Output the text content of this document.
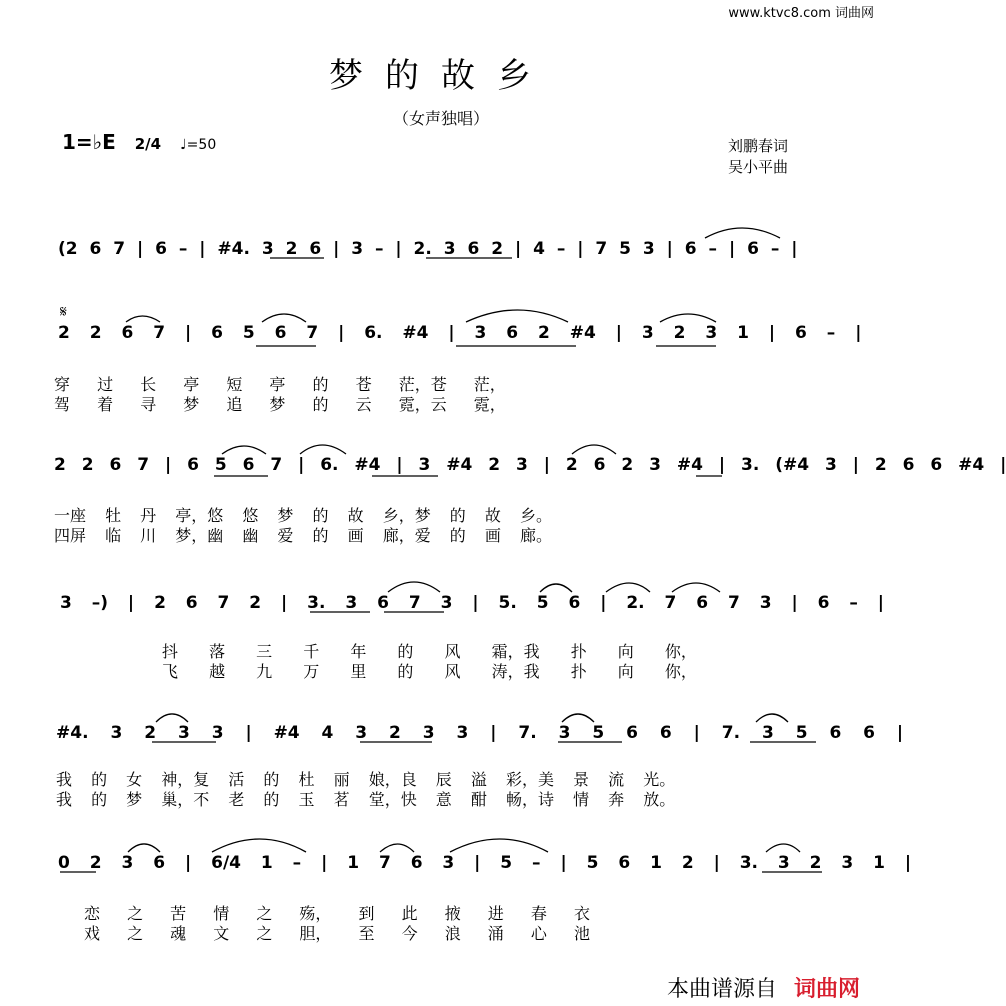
www.ktvc8.com 词曲网
梦的故乡
（女声独唱）
1=♭E 2/4 ♩=50	刘鹏春词
吴小平曲
𝄋
(2 6 7 | 6 – | #4. 3 2 6 | 3 – | 2. 3 6 2 | 4 – | 7 5 3 | 6 – | 6 – |
2 2 6 7 | 6 5 6 7 | 6. #4 | 3 6 2 #4 | 3 2 3 1 | 6 – |
穿 过 长 亭 短 亭 的 苍 茫，苍 茫，
驾 着 寻 梦 追 梦 的 云 霓，云 霓，
2 2 6 7 | 6 5 6 7 | 6. #4 | 3 #4 2 3 | 2 6 2 3 #4 | 3. (#4 3 | 2 6 6 #4 |
一座 牡 丹 亭，悠 悠 梦 的 故 乡，梦 的 故 乡。
四屏 临 川 梦，幽 幽 爱 的 画 廊，爱 的 画 廊。
3 –) | 2 6 7 2 | 3. 3 6 7 3 | 5. 5 6 | 2. 7 6 7 3 | 6 – |
抖 落 三 千 年 的 风 霜，我 扑 向 你，
飞 越 九 万 里 的 风 涛，我 扑 向 你，
#4. 3 2 3 3 | #4 4 3 2 3 3 | 7. 3 5 6 6 | 7. 3 5 6 6 |
我 的 女 神，复 活 的 杜 丽 娘，良 辰 溢 彩，美 景 流 光。
我 的 梦 巢，不 老 的 玉 茗 堂，快 意 酣 畅，诗 情 奔 放。
0 2 3 6 | 6/4 1 – | 1 7 6 3 | 5 – | 5 6 1 2 | 3. 3 2 3 1 |
恋 之 苦 情 之 殇， 到 此 掖 进 春 衣
戏 之 魂 文 之 胆， 至 今 浪 涌 心 池
本曲谱源自 词曲网
